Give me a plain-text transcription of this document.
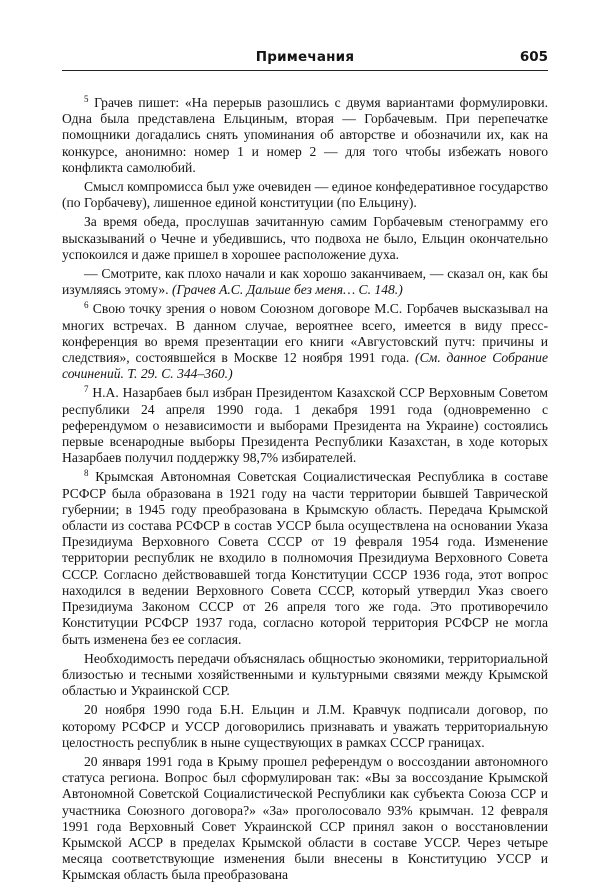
Примечания	605

$^5$ Грачев пишет: «На перерыв разошлись с двумя вариантами формулировки. Одна была представлена Ельциным, вторая — Горбачевым. При перепечатке помощники догадались снять упоминания об авторстве и обозначили их, как на конкурсе, анонимно: номер 1 и номер 2 — для того чтобы избежать нового конфликта самолюбий.

Смысл компромисса был уже очевиден — единое конфедеративное государство (по Горбачеву), лишенное единой конституции (по Ельцину).

За время обеда, прослушав зачитанную самим Горбачевым стенограмму его высказываний о Чечне и убедившись, что подвоха не было, Ельцин окончательно успокоился и даже пришел в хорошее расположение духа.

— Смотрите, как плохо начали и как хорошо заканчиваем, — сказал он, как бы изумляясь этому». (Грачев А.С. Дальше без меня… С. 148.)

$^6$ Свою точку зрения о новом Союзном договоре М.С. Горбачев высказывал на многих встречах. В данном случае, вероятнее всего, имеется в виду пресс-конференция во время презентации его книги «Августовский путч: причины и следствия», состоявшейся в Москве 12 ноября 1991 года. (См. данное Собрание сочинений. Т. 29. С. 344–360.)

$^7$ Н.А. Назарбаев был избран Президентом Казахской ССР Верховным Советом республики 24 апреля 1990 года. 1 декабря 1991 года (одновременно с референдумом о независимости и выборами Президента на Украине) состоялись первые всенародные выборы Президента Республики Казахстан, в ходе которых Назарбаев получил поддержку 98,7% избирателей.

$^8$ Крымская Автономная Советская Социалистическая Республика в составе РСФСР была образована в 1921 году на части территории бывшей Таврической губернии; в 1945 году преобразована в Крымскую область. Передача Крымской области из состава РСФСР в состав УССР была осуществлена на основании Указа Президиума Верховного Совета СССР от 19 февраля 1954 года. Изменение территории республик не входило в полномочия Президиума Верховного Совета СССР. Согласно действовавшей тогда Конституции СССР 1936 года, этот вопрос находился в ведении Верховного Совета СССР, который утвердил Указ своего Президиума Законом СССР от 26 апреля того же года. Это противоречило Конституции РСФСР 1937 года, согласно которой территория РСФСР не могла быть изменена без ее согласия.

Необходимость передачи объяснялась общностью экономики, территориальной близостью и тесными хозяйственными и культурными связями между Крымской областью и Украинской ССР.

20 ноября 1990 года Б.Н. Ельцин и Л.М. Кравчук подписали договор, по которому РСФСР и УССР договорились признавать и уважать территориальную целостность республик в ныне существующих в рамках СССР границах.

20 января 1991 года в Крыму прошел референдум о воссоздании автономного статуса региона. Вопрос был сформулирован так: «Вы за воссоздание Крымской Автономной Советской Социалистической Республики как субъекта Союза ССР и участника Союзного договора?» «За» проголосовало 93% крымчан. 12 февраля 1991 года Верховный Совет Украинской ССР принял закон о восстановлении Крымской АССР в пределах Крымской области в составе УССР. Через четыре месяца соответствующие изменения были внесены в Конституцию УССР и Крымская область была преобразована
